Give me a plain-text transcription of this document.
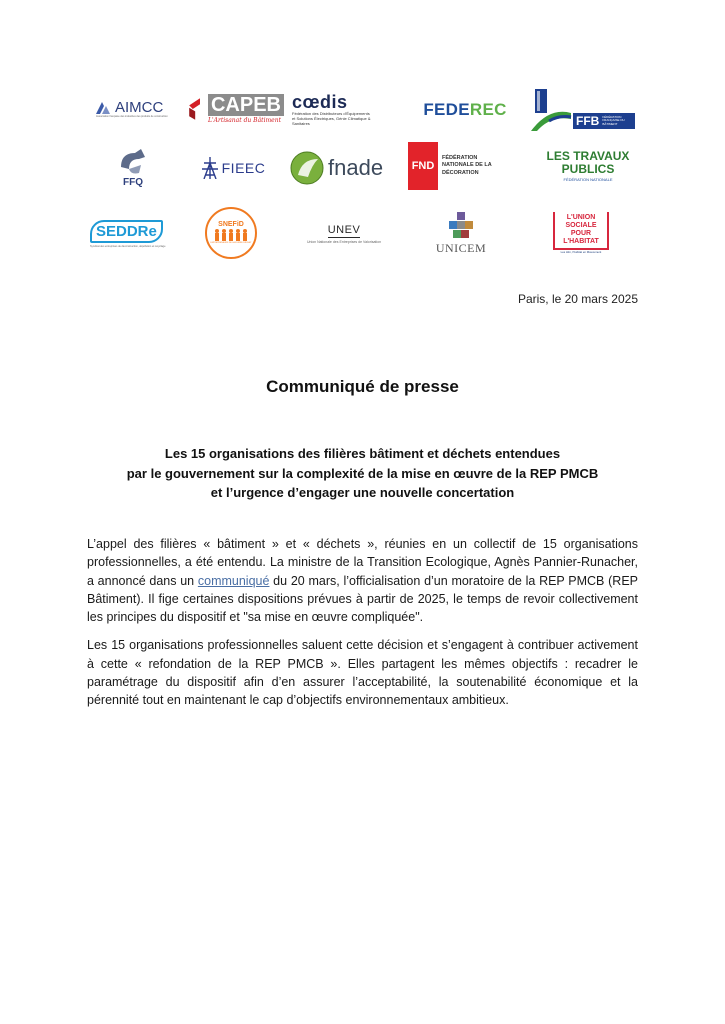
AIMCC
Association française des industries des produits de construction
CAPEB
L'Artisanat du Bâtiment
cœdis
Fédération des Distributeurs d'Équipements et Solutions Électriques, Génie Climatique & Sanitaires
FEDEREC
FFB FÉDÉRATION FRANÇAISE DU BÂTIMENT
FFQ
FIEEC	fnade	FND
FÉDÉRATION NATIONALE DE LA DÉCORATION
LES TRAVAUX PUBLICS
FÉDÉRATION NATIONALE
SEDDRe
Syndicat des entreprises de déconstruction, dépollution et recyclage
SNEFiD
ENTREPRENEURS DE LA FILIÈRE DÉCHET
UNEV
Union Nationale des Entreprises de Valorisation	UNICEM
L'UNION SOCIALE POUR L'HABITAT
Les Hlm, l'habitat en Mouvement
Paris, le 20 mars 2025
Communiqué de presse
Les 15 organisations des filières bâtiment et déchets entendues
par le gouvernement sur la complexité de la mise en œuvre de la REP PMCB
et l’urgence d’engager une nouvelle concertation

L’appel des filières « bâtiment » et « déchets », réunies en un collectif de 15 organisations professionnelles, a été entendu. La ministre de la Transition Ecologique, Agnès Pannier-Runacher, a annoncé dans un communiqué du 20 mars, l’officialisation d’un moratoire de la REP PMCB (REP Bâtiment). Il fige certaines dispositions prévues à partir de 2025, le temps de revoir collectivement les principes du dispositif et "sa mise en œuvre compliquée".

Les 15 organisations professionnelles saluent cette décision et s’engagent à contribuer activement à cette « refondation de la REP PMCB ». Elles partagent les mêmes objectifs : recadrer le paramétrage du dispositif afin d’en assurer l’acceptabilité, la soutenabilité économique et la pérennité tout en maintenant le cap d’objectifs environnementaux ambitieux.
